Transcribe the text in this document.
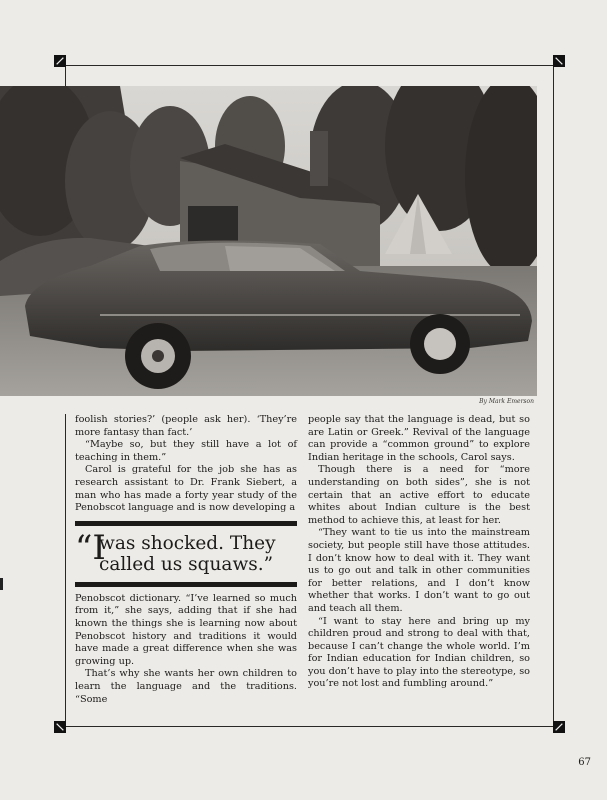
By Mark Emerson

foolish stories?’ (people ask her). ‘They’re more fantasy than fact.’

“Maybe so, but they still have a lot of teaching in them.”

Carol is grateful for the job she has as research assistant to Dr. Frank Siebert, a man who has made a forty year study of the Penobscot language and is now developing a

“I
was shocked. They
called us squaws.”

Penobscot dictionary. “I’ve learned so much from it,” she says, adding that if she had known the things she is learning now about Penobscot history and traditions it would have made a great difference when she was growing up.

That’s why she wants her own children to learn the language and the traditions. “Some

people say that the language is dead, but so are Latin or Greek.” Revival of the language can provide a “common ground” to explore Indian heritage in the schools, Carol says.

Though there is a need for “more understanding on both sides”, she is not certain that an active effort to educate whites about Indian culture is the best method to achieve this, at least for her.

“They want to tie us into the mainstream society, but people still have those attitudes. I don’t know how to deal with it. They want us to go out and talk in other communities for better relations, and I don’t know whether that works. I don’t want to go out and teach all them.

“I want to stay here and bring up my children proud and strong to deal with that, because I can’t change the whole world. I’m for Indian education for Indian children, so you don’t have to play into the stereotype, so you’re not lost and fumbling around.”

67
